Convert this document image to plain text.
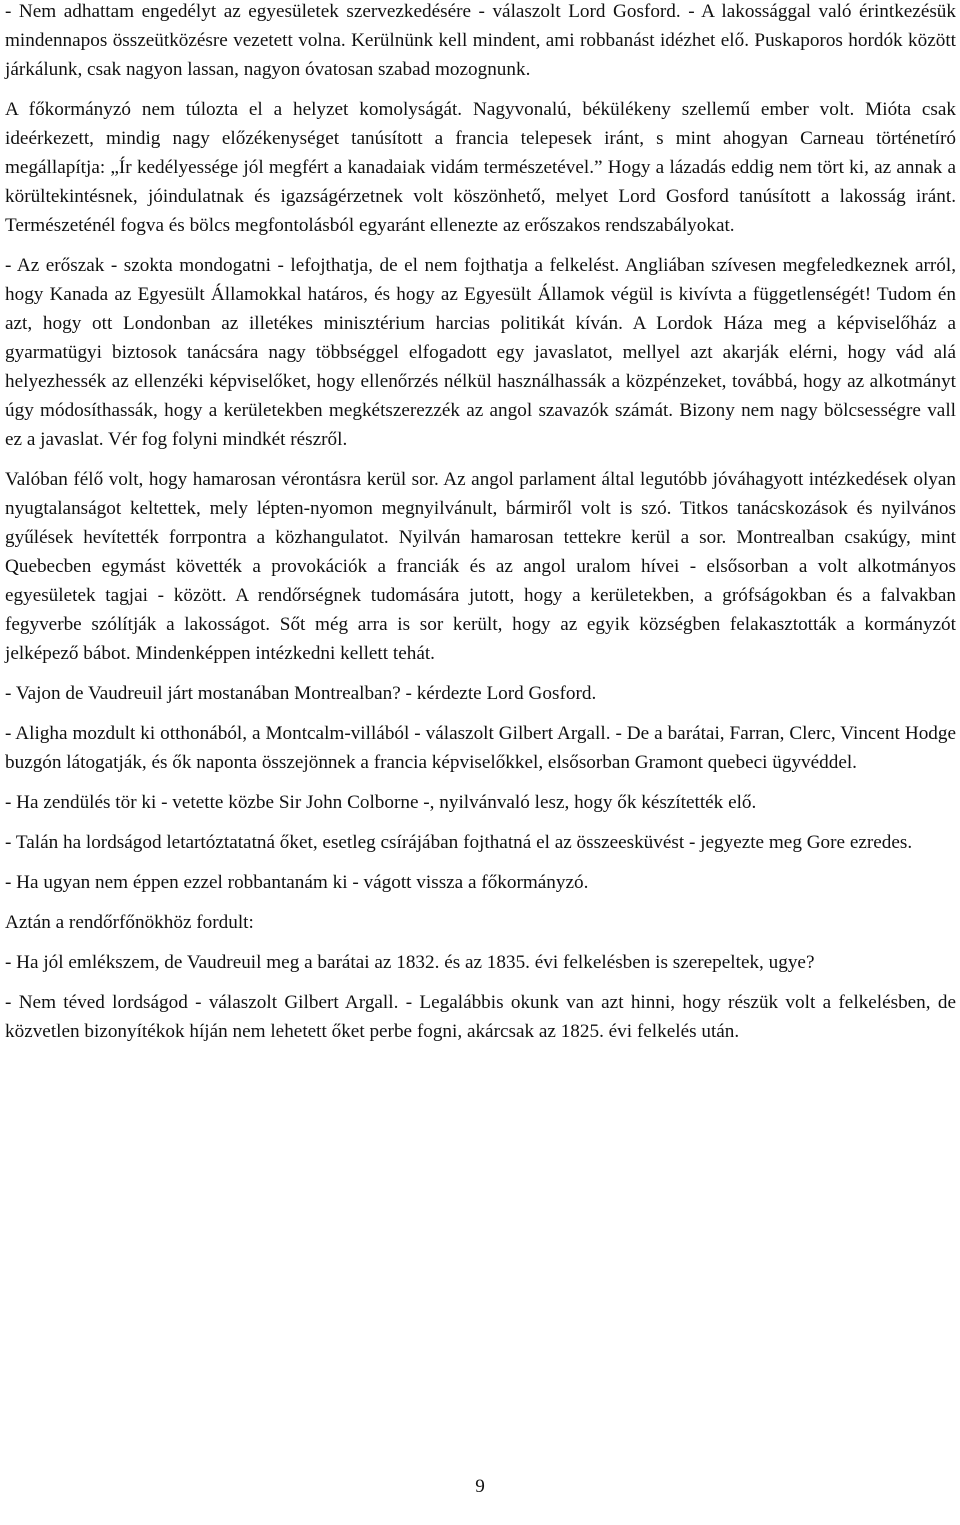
- Nem adhattam engedélyt az egyesületek szervezkedésére - válaszolt Lord Gosford. - A lakossággal való érintkezésük mindennapos összeütközésre vezetett volna. Kerülnünk kell mindent, ami robbanást idézhet elő. Puskaporos hordók között járkálunk, csak nagyon lassan, nagyon óvatosan szabad mozognunk.

A főkormányzó nem túlozta el a helyzet komolyságát. Nagyvonalú, békülékeny szellemű ember volt. Mióta csak ideérkezett, mindig nagy előzékenységet tanúsított a francia telepesek iránt, s mint ahogyan Carneau történetíró megállapítja: „Ír kedélyessége jól megfért a kanadaiak vidám természetével.” Hogy a lázadás eddig nem tört ki, az annak a körültekintésnek, jóindulatnak és igazságérzetnek volt köszönhető, melyet Lord Gosford tanúsított a lakosság iránt. Természeténél fogva és bölcs megfontolásból egyaránt ellenezte az erőszakos rendszabályokat.

- Az erőszak - szokta mondogatni - lefojthatja, de el nem fojthatja a felkelést. Angliában szívesen megfeledkeznek arról, hogy Kanada az Egyesült Államokkal határos, és hogy az Egyesült Államok végül is kivívta a függetlenségét! Tudom én azt, hogy ott Londonban az illetékes minisztérium harcias politikát kíván. A Lordok Háza meg a képviselőház a gyarmatügyi biztosok tanácsára nagy többséggel elfogadott egy javaslatot, mellyel azt akarják elérni, hogy vád alá helyezhessék az ellenzéki képviselőket, hogy ellenőrzés nélkül használhassák a közpénzeket, továbbá, hogy az alkotmányt úgy módosíthassák, hogy a kerületekben megkétszerezzék az angol szavazók számát. Bizony nem nagy bölcsességre vall ez a javaslat. Vér fog folyni mindkét részről.

Valóban félő volt, hogy hamarosan vérontásra kerül sor. Az angol parlament által legutóbb jóváhagyott intézkedések olyan nyugtalanságot keltettek, mely lépten-nyomon megnyilvánult, bármiről volt is szó. Titkos tanácskozások és nyilvános gyűlések hevítették forrpontra a közhangulatot. Nyilván hamarosan tettekre kerül a sor. Montrealban csakúgy, mint Quebecben egymást követték a provokációk a franciák és az angol uralom hívei - elsősorban a volt alkotmányos egyesületek tagjai - között. A rendőrségnek tudomására jutott, hogy a kerületekben, a grófságokban és a falvakban fegyverbe szólítják a lakosságot. Sőt még arra is sor került, hogy az egyik községben felakasztották a kormányzót jelképező bábot. Mindenképpen intézkedni kellett tehát.

- Vajon de Vaudreuil járt mostanában Montrealban? - kérdezte Lord Gosford.

- Aligha mozdult ki otthonából, a Montcalm-villából - válaszolt Gilbert Argall. - De a barátai, Farran, Clerc, Vincent Hodge buzgón látogatják, és ők naponta összejönnek a francia képviselőkkel, elsősorban Gramont quebeci ügyvéddel.

- Ha zendülés tör ki - vetette közbe Sir John Colborne -, nyilvánvaló lesz, hogy ők készítették elő.

- Talán ha lordságod letartóztatatná őket, esetleg csírájában fojthatná el az összeesküvést - jegyezte meg Gore ezredes.

- Ha ugyan nem éppen ezzel robbantanám ki - vágott vissza a főkormányzó.

Aztán a rendőrfőnökhöz fordult:

- Ha jól emlékszem, de Vaudreuil meg a barátai az 1832. és az 1835. évi felkelésben is szerepeltek, ugye?

- Nem téved lordságod - válaszolt Gilbert Argall. - Legalábbis okunk van azt hinni, hogy részük volt a felkelésben, de közvetlen bizonyítékok híján nem lehetett őket perbe fogni, akárcsak az 1825. évi felkelés után.

9
